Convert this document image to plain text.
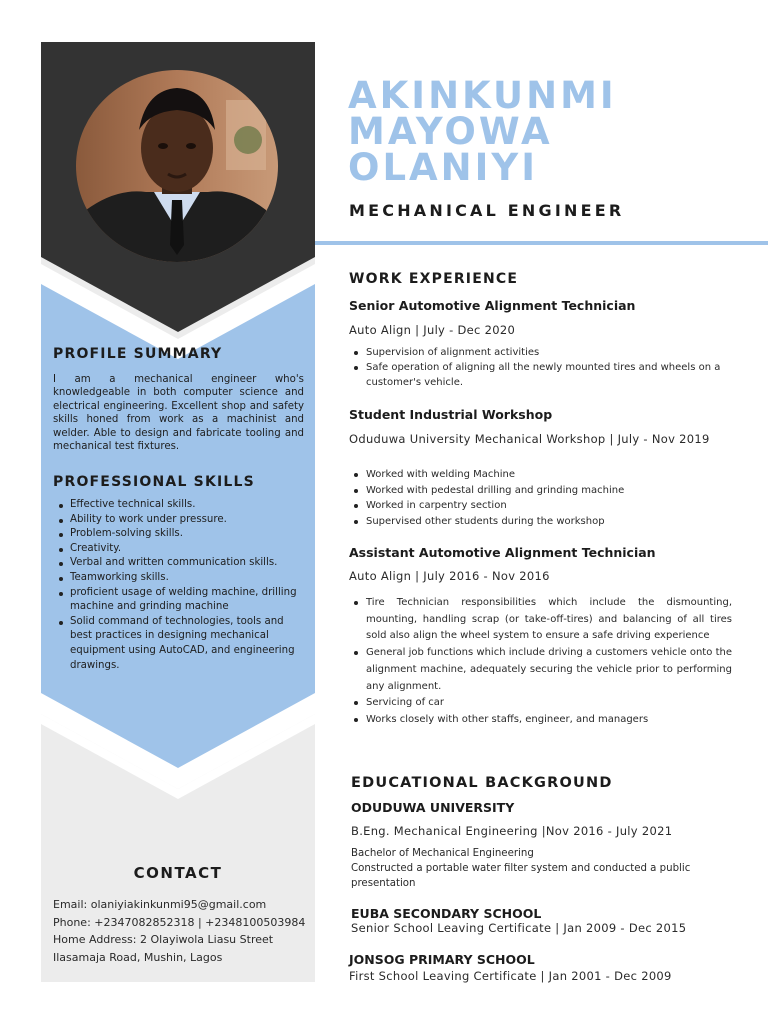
PROFILE SUMMARY
I am a mechanical engineer who's knowledgeable in both computer science and electrical engineering. Excellent shop and safety skills honed from work as a machinist and welder. Able to design and fabricate tooling and mechanical test fixtures.
PROFESSIONAL SKILLS
Effective technical skills.
Ability to work under pressure.
Problem-solving skills.
Creativity.
Verbal and written communication skills.
Teamworking skills.
proficient usage of welding machine, drilling machine and grinding machine
Solid command of technologies, tools and best practices in designing mechanical equipment using AutoCAD, and engineering drawings.
CONTACT
Email: olaniyiakinkunmi95@gmail.com
Phone: +2347082852318 | +2348100503984
Home Address: 2 Olayiwola Liasu Street
Ilasamaja Road, Mushin, Lagos
AKINKUNMI
MAYOWA
OLANIYI
MECHANICAL ENGINEER
WORK EXPERIENCE
Senior Automotive Alignment Technician
Auto Align | July - Dec 2020
Supervision of alignment activities
Safe operation of aligning all the newly mounted tires and wheels on a customer's vehicle.
Student Industrial Workshop
Oduduwa University Mechanical Workshop | July - Nov 2019
Worked with welding Machine
Worked with pedestal drilling and grinding machine
Worked in carpentry section
Supervised other students during the workshop
Assistant Automotive Alignment Technician
Auto Align | July 2016 - Nov 2016
Tire Technician responsibilities which include the dismounting, mounting, handling scrap (or take-off-tires) and balancing of all tires sold also align the wheel system to ensure a safe driving experience
General job functions which include driving a customers vehicle onto the alignment machine, adequately securing the vehicle prior to performing any alignment.
Servicing of car
Works closely with other staffs, engineer, and managers
EDUCATIONAL BACKGROUND
ODUDUWA UNIVERSITY
B.Eng. Mechanical Engineering |Nov 2016 - July 2021
Bachelor of Mechanical Engineering
Constructed a portable water filter system and conducted a public presentation
EUBA SECONDARY SCHOOL
Senior School Leaving Certificate | Jan 2009 - Dec 2015
JONSOG PRIMARY SCHOOL
First School Leaving Certificate | Jan 2001 - Dec 2009
